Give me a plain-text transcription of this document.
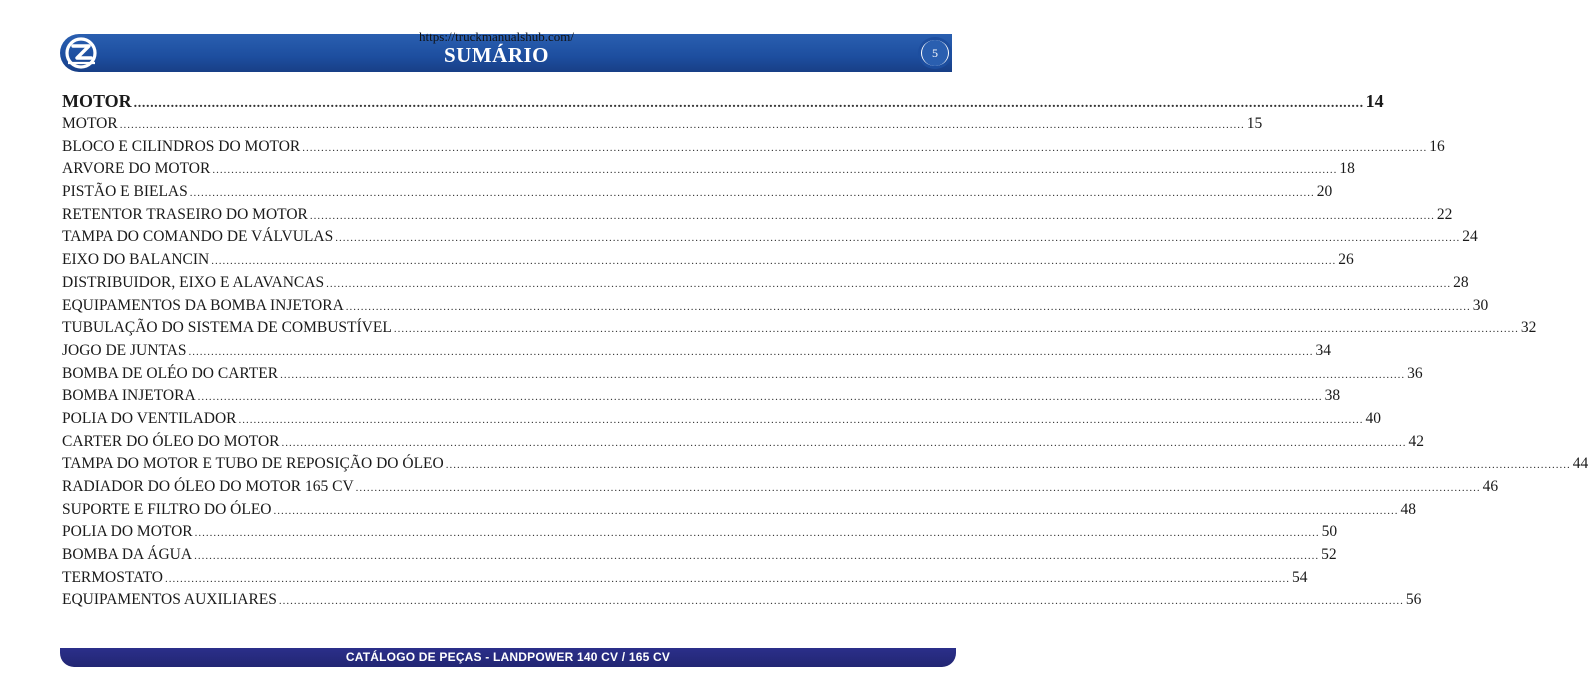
https://truckmanualshub.com/
SUMÁRIO	5
MOTOR ............................................................................................................................................................................................................................................................................................................ 14
MOTOR ............................................................................................................................................................................................................................................................................................................ 15
BLOCO E CILINDROS DO MOTOR ............................................................................................................................................................................................................................................................................................................ 16
ARVORE DO MOTOR ............................................................................................................................................................................................................................................................................................................ 18
PISTÃO E BIELAS ............................................................................................................................................................................................................................................................................................................ 20
RETENTOR TRASEIRO DO MOTOR ............................................................................................................................................................................................................................................................................................................ 22
TAMPA DO COMANDO DE VÁLVULAS ............................................................................................................................................................................................................................................................................................................ 24
EIXO DO BALANCIN ............................................................................................................................................................................................................................................................................................................ 26
DISTRIBUIDOR, EIXO E ALAVANCAS ............................................................................................................................................................................................................................................................................................................ 28
EQUIPAMENTOS DA BOMBA INJETORA ............................................................................................................................................................................................................................................................................................................ 30
TUBULAÇÃO DO SISTEMA DE COMBUSTÍVEL ............................................................................................................................................................................................................................................................................................................ 32
JOGO DE JUNTAS ............................................................................................................................................................................................................................................................................................................ 34
BOMBA DE OLÉO DO CARTER ............................................................................................................................................................................................................................................................................................................ 36
BOMBA INJETORA ............................................................................................................................................................................................................................................................................................................ 38
POLIA DO VENTILADOR ............................................................................................................................................................................................................................................................................................................ 40
CARTER DO ÓLEO DO MOTOR ............................................................................................................................................................................................................................................................................................................ 42
TAMPA DO MOTOR E TUBO DE REPOSIÇÃO DO ÓLEO ............................................................................................................................................................................................................................................................................................................ 44
RADIADOR DO ÓLEO DO MOTOR 165 CV ............................................................................................................................................................................................................................................................................................................ 46
SUPORTE E FILTRO DO ÓLEO ............................................................................................................................................................................................................................................................................................................ 48
POLIA DO MOTOR ............................................................................................................................................................................................................................................................................................................ 50
BOMBA DA ÁGUA ............................................................................................................................................................................................................................................................................................................ 52
TERMOSTATO ............................................................................................................................................................................................................................................................................................................ 54
EQUIPAMENTOS AUXILIARES ............................................................................................................................................................................................................................................................................................................ 56
CATÁLOGO DE PEÇAS - LANDPOWER 140 CV / 165 CV
